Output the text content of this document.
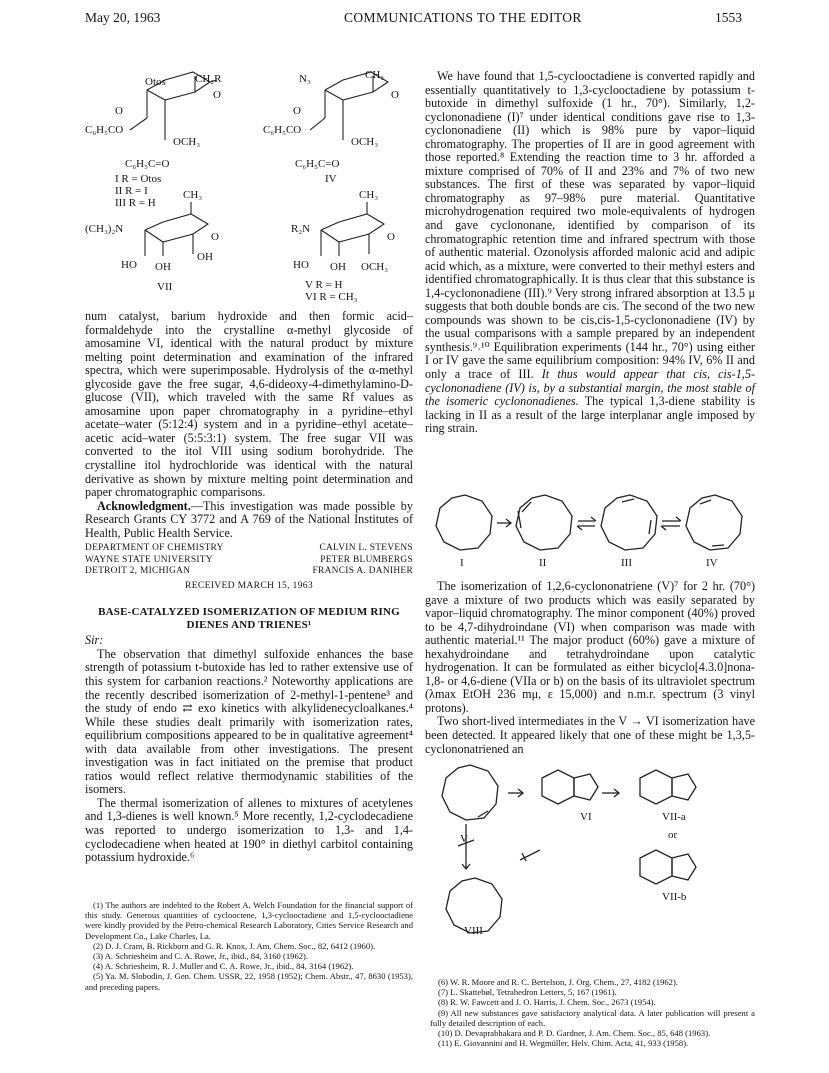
May 20, 1963	COMMUNICATIONS TO THE EDITOR	1553
Otos	CH₂R
O
O
C₆H₅CO
OCH₃
C₆H₅C=O
I R = Otos
II R = I
III R = H
CH₃
N₃
O
O
C₆H₅CO
OCH₃
C₆H₅C=O
IV
CH₃
(CH₃)₂N
O
OH
HO OH
VII
CH₃
R₂N
O
HO OH OCH₃
V R = H
VI R = CH₃

num catalyst, barium hydroxide and then formic acid–formaldehyde into the crystalline α-methyl glycoside of amosamine VI, identical with the natural product by mixture melting point determination and examination of the infrared spectra, which were superimposable. Hydrolysis of the α-methyl glycoside gave the free sugar, 4,6-dideoxy-4-dimethylamino-D-glucose (VII), which traveled with the same Rf values as amosamine upon paper chromatography in a pyridine–ethyl acetate–water (5:12:4) system and in a pyridine–ethyl acetate–acetic acid–water (5:5:3:1) system. The free sugar VII was converted to the itol VIII using sodium borohydride. The crystalline itol hydrochloride was identical with the natural derivative as shown by mixture melting point determination and paper chromatographic comparisons.

Acknowledgment.—This investigation was made possible by Research Grants CY 3772 and A 769 of the National Institutes of Health, Public Health Service.

DEPARTMENT OF CHEMISTRY
WAYNE STATE UNIVERSITY
DETROIT 2, MICHIGAN
CALVIN L. STEVENS
PETER BLUMBERGS
FRANCIS A. DANIHER
RECEIVED MARCH 15, 1963
BASE-CATALYZED ISOMERIZATION OF MEDIUM RING DIENES AND TRIENES¹

Sir:

The observation that dimethyl sulfoxide enhances the base strength of potassium t-butoxide has led to rather extensive use of this system for carbanion reactions.² Noteworthy applications are the recently described isomerization of 2-methyl-1-pentene³ and the study of endo ⇄ exo kinetics with alkylidenecycloalkanes.⁴ While these studies dealt primarily with isomerization rates, equilibrium compositions appeared to be in qualitative agreement⁴ with data available from other investigations. The present investigation was in fact initiated on the premise that product ratios would reflect relative thermodynamic stabilities of the isomers.

The thermal isomerization of allenes to mixtures of acetylenes and 1,3-dienes is well known.⁵ More recently, 1,2-cyclodecadiene was reported to undergo isomerization to 1,3- and 1,4-cyclodecadiene when heated at 190° in diethyl carbitol containing potassium hydroxide.⁶

(1) The authors are indebted to the Robert A. Welch Foundation for the financial support of this study. Generous quantities of cyclooctene, 1,3-cyclooctadiene and 1,5-cyclooctadiene were kindly provided by the Petro-chemical Research Laboratory, Cities Service Research and Development Co., Lake Charles, La.

(2) D. J. Cram, B. Rickborn and G. R. Knox, J. Am. Chem. Soc., 82, 6412 (1960).

(3) A. Schriesheim and C. A. Rowe, Jr., ibid., 84, 3160 (1962).

(4) A. Schriesheim, R. J. Muller and C. A. Rowe, Jr., ibid., 84, 3164 (1962).

(5) Ya. M. Slobodin, J. Gen. Chem. USSR, 22, 1958 (1952); Chem. Abstr., 47, 8630 (1953), and preceding papers.

We have found that 1,5-cyclooctadiene is converted rapidly and essentially quantitatively to 1,3-cyclooctadiene by potassium t-butoxide in dimethyl sulfoxide (1 hr., 70°). Similarly, 1,2-cyclononadiene (I)⁷ under identical conditions gave rise to 1,3-cyclononadiene (II) which is 98% pure by vapor–liquid chromatography. The properties of II are in good agreement with those reported.⁸ Extending the reaction time to 3 hr. afforded a mixture comprised of 70% of II and 23% and 7% of two new substances. The first of these was separated by vapor–liquid chromatography as 97–98% pure material. Quantitative microhydrogenation required two mole-equivalents of hydrogen and gave cyclononane, identified by comparison of its chromatographic retention time and infrared spectrum with those of authentic material. Ozonolysis afforded malonic acid and adipic acid which, as a mixture, were converted to their methyl esters and identified chromatographically. It is thus clear that this substance is 1,4-cyclononadiene (III).⁹ Very strong infrared absorption at 13.5 μ suggests that both double bonds are cis. The second of the two new compounds was shown to be cis,cis-1,5-cyclononadiene (IV) by the usual comparisons with a sample prepared by an independent synthesis.⁹˒¹⁰ Equilibration experiments (144 hr., 70°) using either I or IV gave the same equilibrium composition: 94% IV, 6% II and only a trace of III. It thus would appear that cis, cis-1,5-cyclononadiene (IV) is, by a substantial margin, the most stable of the isomeric cyclononadienes. The typical 1,3-diene stability is lacking in II as a result of the large interplanar angle imposed by ring strain.

I	II	III	IV

The isomerization of 1,2,6-cyclononatriene (V)⁷ for 2 hr. (70°) gave a mixture of two products which was easily separated by vapor–liquid chromatography. The minor component (40%) proved to be 4,7-dihydroindane (VI) when comparison was made with authentic material.¹¹ The major product (60%) gave a mixture of hexahydroindane and tetrahydroindane upon catalytic hydrogenation. It can be formulated as either bicyclo[4.3.0]nona-1,8- or 4,6-diene (VIIa or b) on the basis of its ultraviolet spectrum (λmax EtOH 236 mμ, ε 15,000) and n.m.r. spectrum (3 vinyl protons).

Two short-lived intermediates in the V → VI isomerization have been detected. It appeared likely that one of these might be 1,3,5-cyclononatriened an

V
VI	VII-a
or
VII-b
VIII

(6) W. R. Moore and R. C. Bertelson, J. Org. Chem., 27, 4182 (1962).

(7) L. Skattebøl, Tetrahedron Letters, 5, 167 (1961).

(8) R. W. Fawcett and J. O. Harris, J. Chem. Soc., 2673 (1954).

(9) All new substances gave satisfactory analytical data. A later publication will present a fully detailed description of each.

(10) D. Devaprabhakara and P. D. Gardner, J. Am. Chem. Soc., 85, 648 (1963).

(11) E. Giovannini and H. Wegmüller, Helv. Chim. Acta, 41, 933 (1958).
